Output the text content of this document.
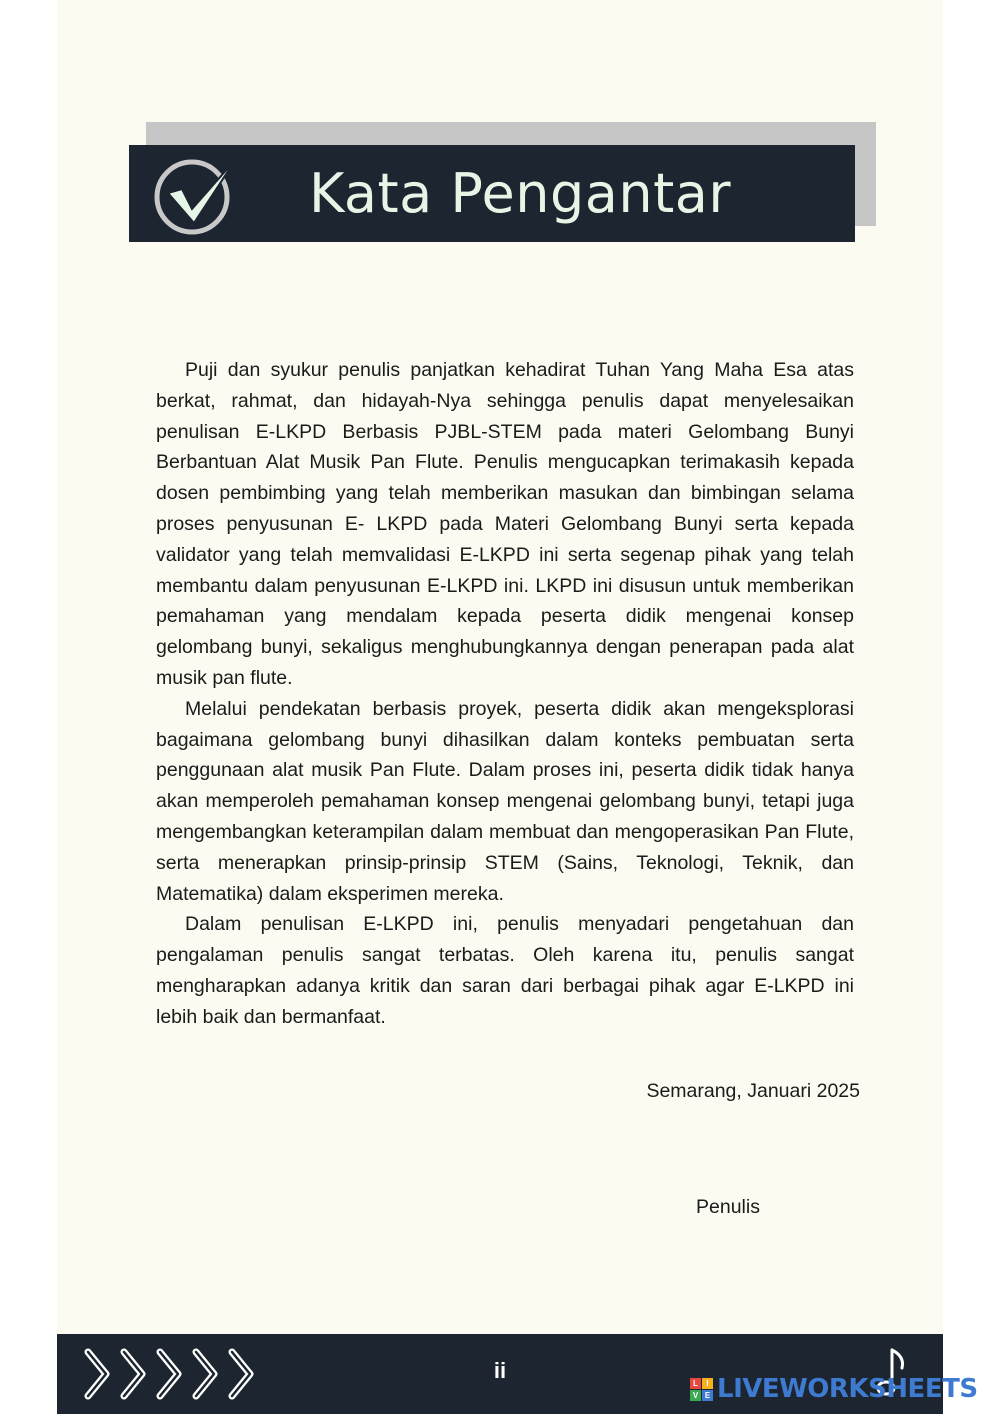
Kata Pengantar

Puji dan syukur penulis panjatkan kehadirat Tuhan Yang Maha Esa atas berkat, rahmat, dan hidayah-Nya sehingga penulis dapat menyelesaikan penulisan E-LKPD Berbasis PJBL-STEM pada materi Gelombang Bunyi Berbantuan Alat Musik Pan Flute. Penulis mengucapkan terimakasih kepada dosen pembimbing yang telah memberikan masukan dan bimbingan selama proses penyusunan E- LKPD pada Materi Gelombang Bunyi serta kepada validator yang telah memvalidasi E-LKPD ini serta segenap pihak yang telah membantu dalam penyusunan E-LKPD ini. LKPD ini disusun untuk memberikan pemahaman yang mendalam kepada peserta didik mengenai konsep gelombang bunyi, sekaligus menghubungkannya dengan penerapan pada alat musik pan flute.

Melalui pendekatan berbasis proyek, peserta didik akan mengeksplorasi bagaimana gelombang bunyi dihasilkan dalam konteks pembuatan serta penggunaan alat musik Pan Flute. Dalam proses ini, peserta didik tidak hanya akan memperoleh pemahaman konsep mengenai gelombang bunyi, tetapi juga mengembangkan keterampilan dalam membuat dan mengoperasikan Pan Flute, serta menerapkan prinsip-prinsip STEM (Sains, Teknologi, Teknik, dan Matematika) dalam eksperimen mereka.

Dalam penulisan E-LKPD ini, penulis menyadari pengetahuan dan pengalaman penulis sangat terbatas. Oleh karena itu, penulis sangat mengharapkan adanya kritik dan saran dari berbagai pihak agar E-LKPD ini lebih baik dan bermanfaat.

Semarang, Januari 2025
Penulis
ii	L	I
V E LIVEWORKSHEETS
